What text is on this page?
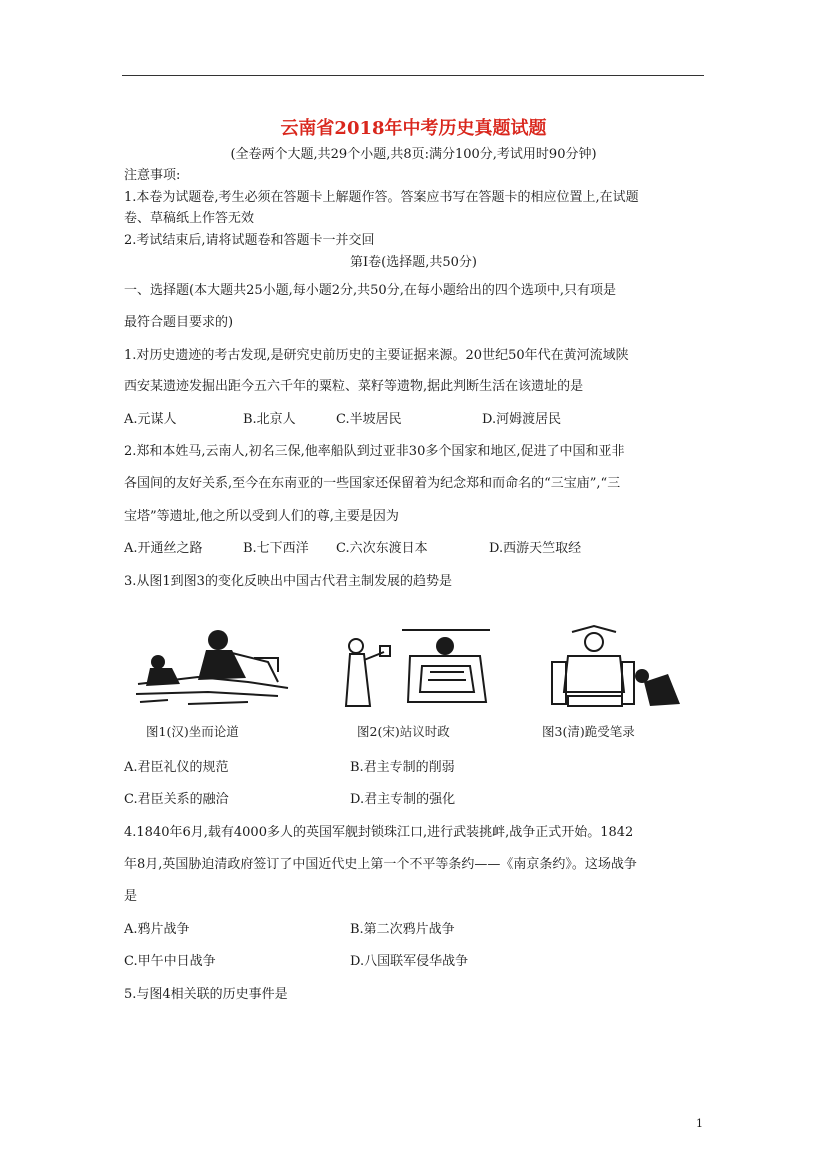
云南省2018年中考历史真题试题
(全卷两个大题,共29个小题,共8页:满分100分,考试用时90分钟)
注意事项:
1.本卷为试题卷,考生必须在答题卡上解题作答。答案应书写在答题卡的相应位置上,在试题
卷、草稿纸上作答无效
2.考试结束后,请将试题卷和答题卡一并交回
第Ⅰ卷(选择题,共50分)
一、选择题(本大题共25小题,每小题2分,共50分,在每小题给出的四个选项中,只有项是
最符合题目要求的)
1.对历史遗迹的考古发现,是研究史前历史的主要证据来源。20世纪50年代在黄河流域陕
西安某遗迹发掘出距今五六千年的粟粒、菜籽等遗物,据此判断生活在该遗址的是
A.元谋人	B.北京人	C.半坡居民	D.河姆渡居民
2.郑和本姓马,云南人,初名三保,他率船队到过亚非30多个国家和地区,促进了中国和亚非
各国间的友好关系,至今在东南亚的一些国家还保留着为纪念郑和而命名的“三宝庙”,“三
宝塔”等遗址,他之所以受到人们的尊,主要是因为
A.开通丝之路	B.七下西洋 C.六次东渡日本	D.西游天竺取经
3.从图1到图3的变化反映出中国古代君主制发展的趋势是
图1(汉)坐而论道	图2(宋)站议时政	图3(清)跪受笔录
A.君臣礼仪的规范	B.君主专制的削弱
C.君臣关系的融洽	D.君主专制的强化
4.1840年6月,载有4000多人的英国军舰封锁珠江口,进行武装挑衅,战争正式开始。1842
年8月,英国胁迫清政府签订了中国近代史上第一个不平等条约——《南京条约》。这场战争
是
A.鸦片战争	B.第二次鸦片战争
C.甲午中日战争	D.八国联军侵华战争
5.与图4相关联的历史事件是
1
